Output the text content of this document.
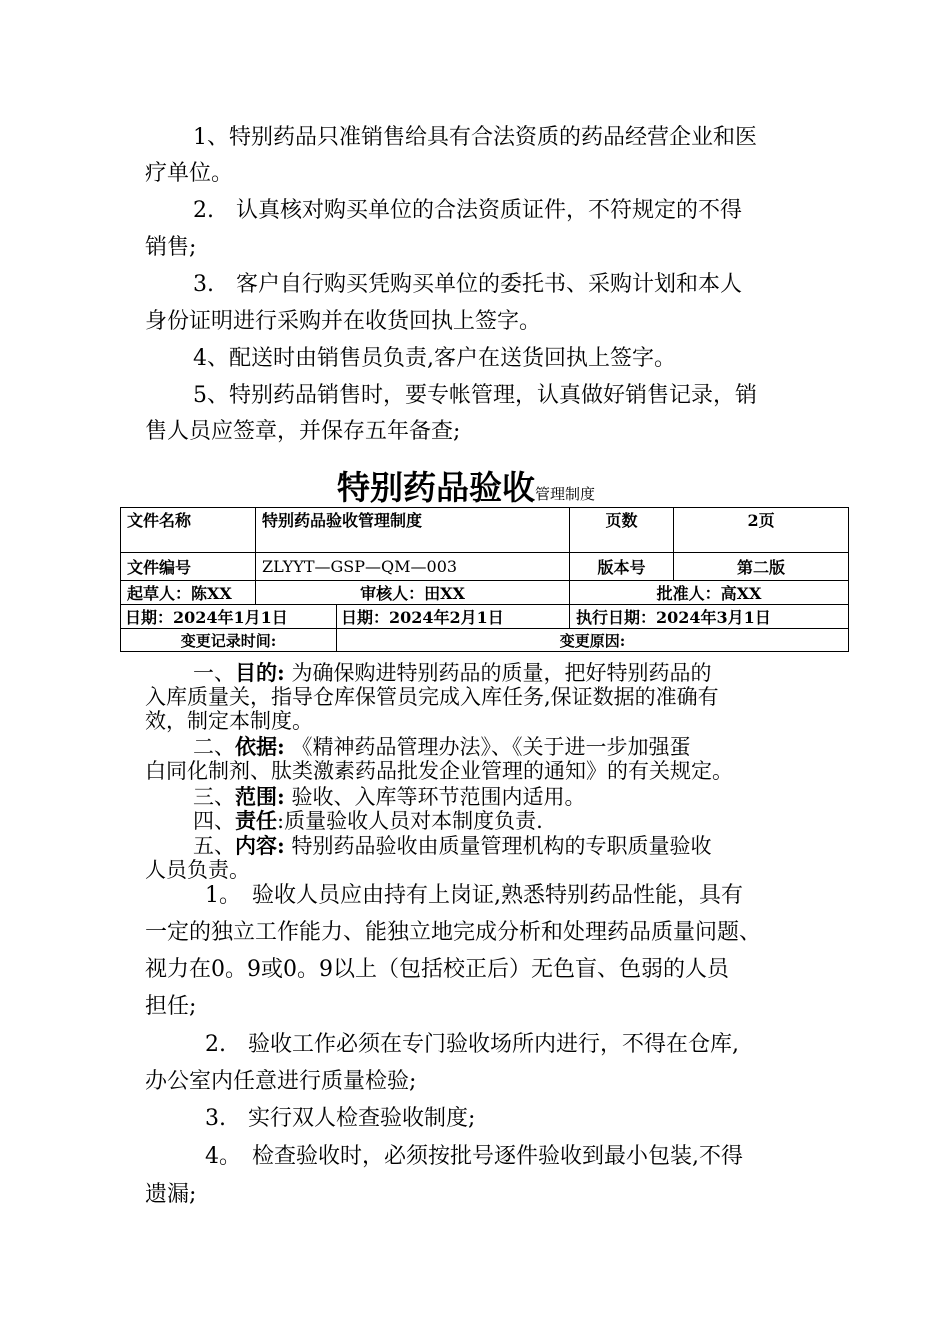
1、特别药品只准销售给具有合法资质的药品经营企业和医
疗单位。
2.　认真核对购买单位的合法资质证件，不符规定的不得
销售;
3.　客户自行购买凭购买单位的委托书、采购计划和本人
身份证明进行采购并在收货回执上签字。
4、配送时由销售员负责,客户在送货回执上签字。
5、特别药品销售时，要专帐管理，认真做好销售记录，销
售人员应签章，并保存五年备查;
特别药品验收管理制度
文件名称	特别药品验收管理制度		页数	2页
文件编号	ZLYYT—GSP—QM—003		版本号	第二版
起草人：陈XX	审核人：田XX		批准人：高XX	
日期：2024年1月1日		日期：2024年2月1日	执行日期：2024年3月1日	
变更记录时间:		变更原因:		
一、目的: 为确保购进特别药品的质量，把好特别药品的
入库质量关，指导仓库保管员完成入库任务,保证数据的准确有
效，制定本制度。
二、依据: 《精神药品管理办法》、《关于进一步加强蛋
白同化制剂、肽类激素药品批发企业管理的通知》的有关规定。
三、范围: 验收、入库等环节范围内适用。
四、责任:质量验收人员对本制度负责.
五、内容: 特别药品验收由质量管理机构的专职质量验收
人员负责。
1。　验收人员应由持有上岗证,熟悉特别药品性能，具有
一定的独立工作能力、能独立地完成分析和处理药品质量问题、
视力在0。9或0。9以上（包括校正后）无色盲、色弱的人员
担任;
2.　验收工作必须在专门验收场所内进行，不得在仓库,
办公室内任意进行质量检验;
3.　实行双人检查验收制度;
4。　检查验收时，必须按批号逐件验收到最小包装,不得
遗漏;
